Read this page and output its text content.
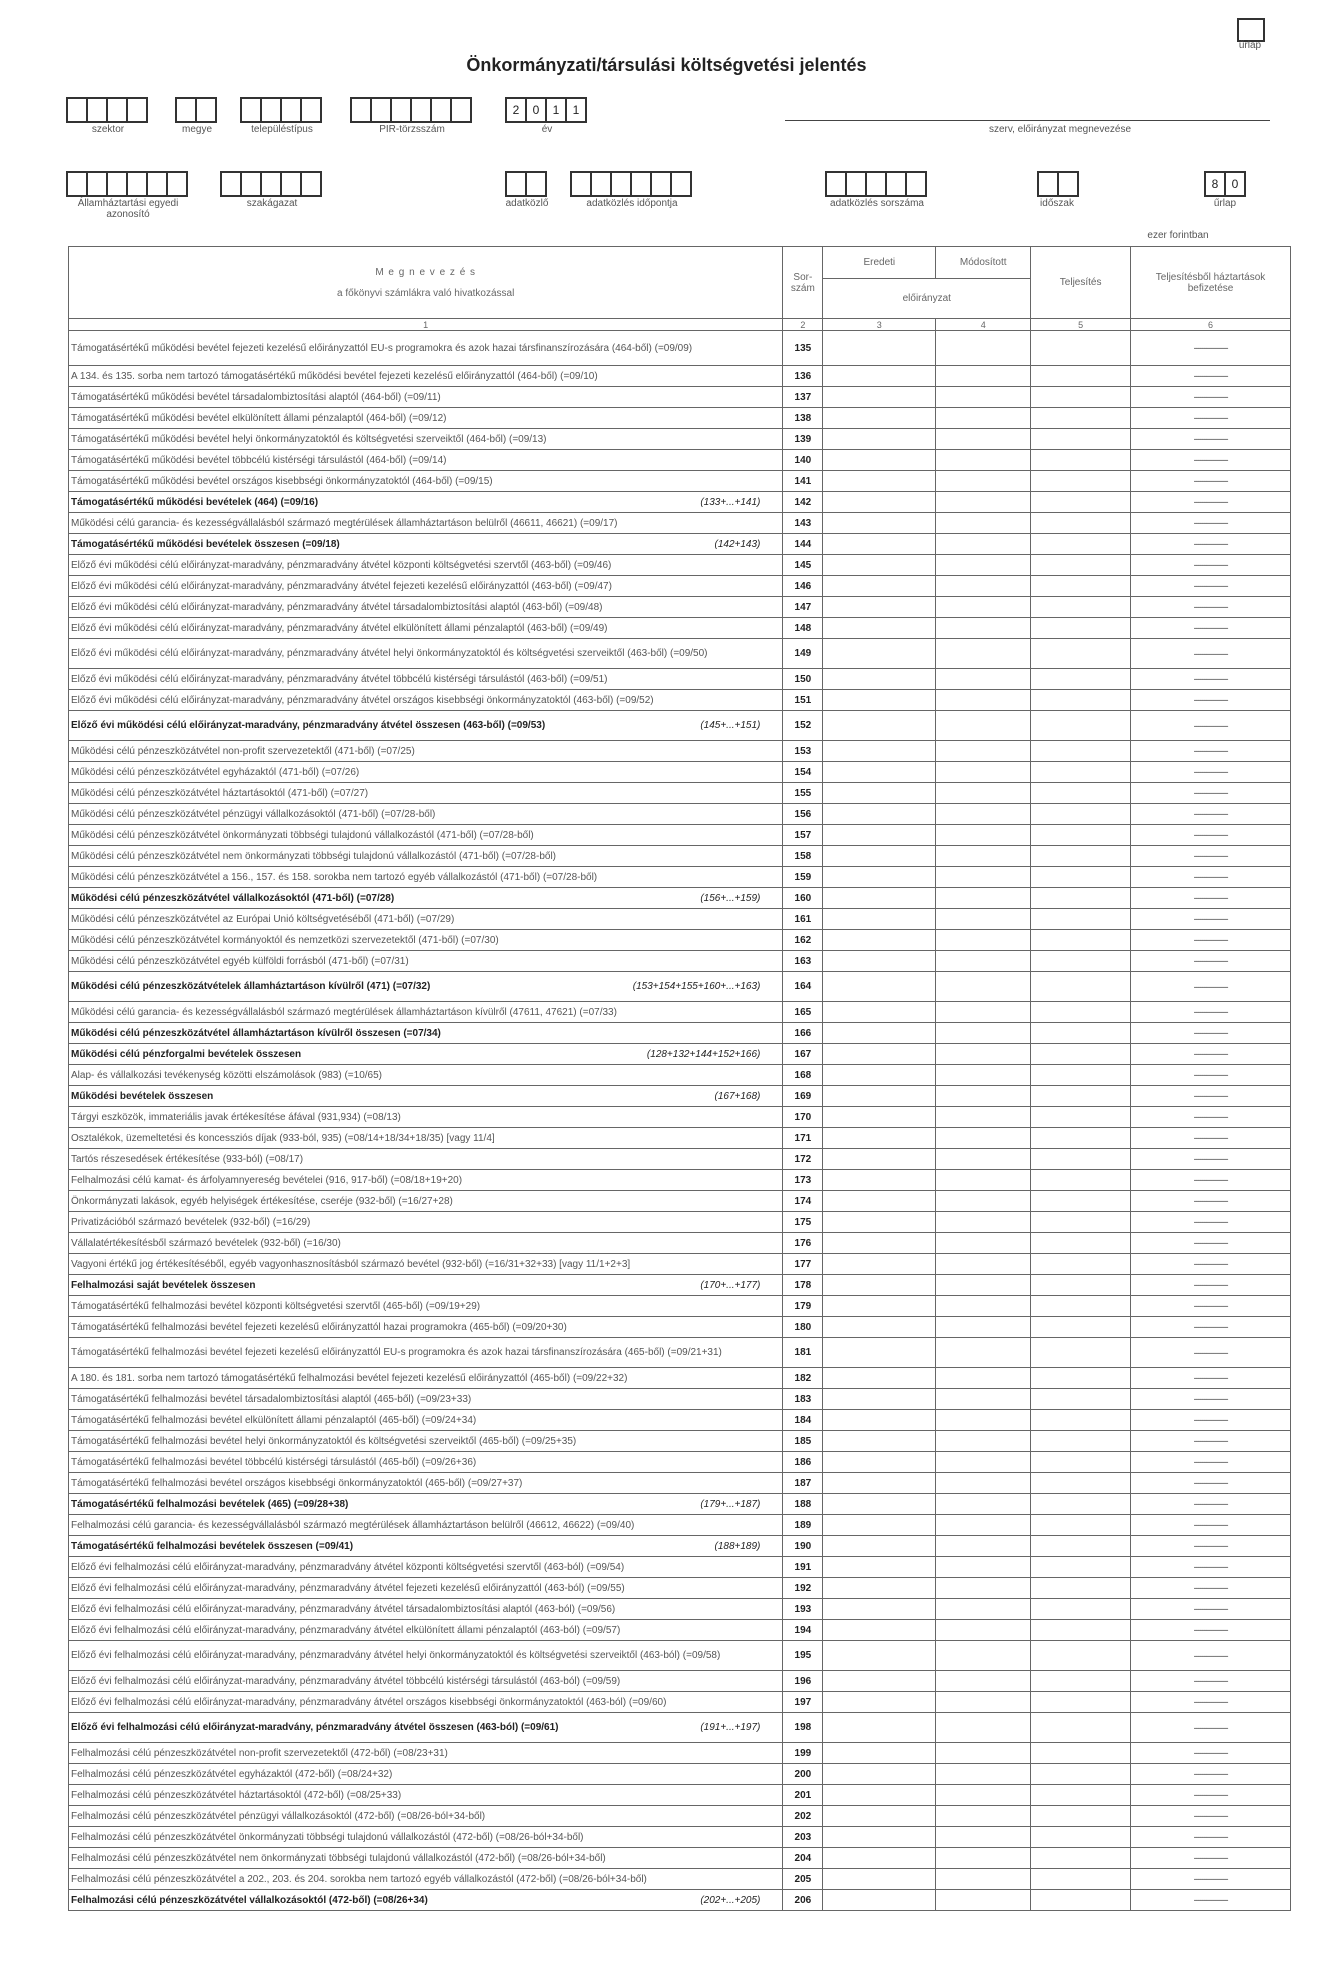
űrlap
Önkormányzati/társulási költségvetési jelentés
2	0	1	1
szektor	megye	településtípus	PIR-törzsszám	év	szerv, előirányzat megnevezése
8	0
Államháztartási egyedi azonosító
szakágazat	adatközlő	adatközlés időpontja	adatközlés sorszáma	időszak	űrlap
ezer forintban
M e g n e v e z é s
a főkönyvi számlákra való hivatkozással	Sor-szám	Eredeti	Módosított	Teljesítés	Teljesítésből háztartások befizetése
		előirányzat			
1	2	3	4	5	6

Támogatásértékű működési bevétel fejezeti kezelésű előirányzattól EU-s programokra és azok hazai társfinanszírozására (464-ből) (=09/09)	135				-----------------

A 134. és 135. sorba nem tartozó támogatásértékű működési bevétel fejezeti kezelésű előirányzattól (464-ből) (=09/10)	136				-----------------

Támogatásértékű működési bevétel társadalombiztosítási alaptól (464-ből) (=09/11)	137				-----------------

Támogatásértékű működési bevétel elkülönített állami pénzalaptól (464-ből) (=09/12)	138				-----------------

Támogatásértékű működési bevétel helyi önkormányzatoktól és költségvetési szerveiktől (464-ből) (=09/13)	139				-----------------

Támogatásértékű működési bevétel többcélú kistérségi társulástól (464-ből) (=09/14)	140				-----------------

Támogatásértékű működési bevétel országos kisebbségi önkormányzatoktól (464-ből) (=09/15)	141				-----------------

Támogatásértékű működési bevételek (464) (=09/16) (133+...+141)	142				-----------------

Működési célú garancia- és kezességvállalásból származó megtérülések államháztartáson belülről (46611, 46621) (=09/17)	143				-----------------

Támogatásértékű működési bevételek összesen (=09/18) (142+143)	144				-----------------

Előző évi működési célú előirányzat-maradvány, pénzmaradvány átvétel központi költségvetési szervtől (463-ből) (=09/46)	145				-----------------

Előző évi működési célú előirányzat-maradvány, pénzmaradvány átvétel fejezeti kezelésű előirányzattól (463-ből) (=09/47)	146				-----------------

Előző évi működési célú előirányzat-maradvány, pénzmaradvány átvétel társadalombiztosítási alaptól (463-ből) (=09/48)	147				-----------------

Előző évi működési célú előirányzat-maradvány, pénzmaradvány átvétel elkülönített állami pénzalaptól (463-ből) (=09/49)	148				-----------------

Előző évi működési célú előirányzat-maradvány, pénzmaradvány átvétel helyi önkormányzatoktól és költségvetési szerveiktől (463-ből) (=09/50)	149				-----------------

Előző évi működési célú előirányzat-maradvány, pénzmaradvány átvétel többcélú kistérségi társulástól (463-ből) (=09/51)	150				-----------------

Előző évi működési célú előirányzat-maradvány, pénzmaradvány átvétel országos kisebbségi önkormányzatoktól (463-ből) (=09/52)	151				-----------------

Előző évi működési célú előirányzat-maradvány, pénzmaradvány átvétel összesen (463-ből) (=09/53) (145+...+151)	152				-----------------

Működési célú pénzeszközátvétel non-profit szervezetektől (471-ből) (=07/25)	153				-----------------

Működési célú pénzeszközátvétel egyházaktól (471-ből) (=07/26)	154				-----------------

Működési célú pénzeszközátvétel háztartásoktól (471-ből) (=07/27)	155				-----------------

Működési célú pénzeszközátvétel pénzügyi vállalkozásoktól (471-ből) (=07/28-ből)	156				-----------------

Működési célú pénzeszközátvétel önkormányzati többségi tulajdonú vállalkozástól (471-ből) (=07/28-ből)	157				-----------------

Működési célú pénzeszközátvétel nem önkormányzati többségi tulajdonú vállalkozástól (471-ből) (=07/28-ből)	158				-----------------

Működési célú pénzeszközátvétel a 156., 157. és 158. sorokba nem tartozó egyéb vállalkozástól (471-ből) (=07/28-ből)	159				-----------------

Működési célú pénzeszközátvétel vállalkozásoktól (471-ből) (=07/28) (156+...+159)	160				-----------------

Működési célú pénzeszközátvétel az Európai Unió költségvetéséből (471-ből) (=07/29)	161				-----------------

Működési célú pénzeszközátvétel kormányoktól és nemzetközi szervezetektől (471-ből) (=07/30)	162				-----------------

Működési célú pénzeszközátvétel egyéb külföldi forrásból (471-ből) (=07/31)	163				-----------------

Működési célú pénzeszközátvételek államháztartáson kívülről (471) (=07/32) (153+154+155+160+...+163)	164				-----------------

Működési célú garancia- és kezességvállalásból származó megtérülések államháztartáson kívülről (47611, 47621) (=07/33)	165				-----------------

Működési célú pénzeszközátvétel államháztartáson kívülről összesen (=07/34)	166				-----------------

Működési célú pénzforgalmi bevételek összesen (128+132+144+152+166)	167				-----------------

Alap- és vállalkozási tevékenység közötti elszámolások (983) (=10/65)	168				-----------------

Működési bevételek összesen (167+168)	169				-----------------

Tárgyi eszközök, immateriális javak értékesítése áfával (931,934) (=08/13)	170				-----------------

Osztalékok, üzemeltetési és koncessziós díjak (933-ból, 935) (=08/14+18/34+18/35) [vagy 11/4]	171				-----------------

Tartós részesedések értékesítése (933-ból) (=08/17)	172				-----------------

Felhalmozási célú kamat- és árfolyamnyereség bevételei (916, 917-ből) (=08/18+19+20)	173				-----------------

Önkormányzati lakások, egyéb helyiségek értékesítése, cseréje (932-ből) (=16/27+28)	174				-----------------

Privatizációból származó bevételek (932-ből) (=16/29)	175				-----------------

Vállalatértékesítésből származó bevételek (932-ből) (=16/30)	176				-----------------

Vagyoni értékű jog értékesítéséből, egyéb vagyonhasznosításból származó bevétel (932-ből) (=16/31+32+33) [vagy 11/1+2+3]	177				-----------------

Felhalmozási saját bevételek összesen (170+...+177)	178				-----------------

Támogatásértékű felhalmozási bevétel központi költségvetési szervtől (465-ből) (=09/19+29)	179				-----------------

Támogatásértékű felhalmozási bevétel fejezeti kezelésű előirányzattól hazai programokra (465-ből) (=09/20+30)	180				-----------------

Támogatásértékű felhalmozási bevétel fejezeti kezelésű előirányzattól EU-s programokra és azok hazai társfinanszírozására (465-ből) (=09/21+31)	181				-----------------

A 180. és 181. sorba nem tartozó támogatásértékű felhalmozási bevétel fejezeti kezelésű előirányzattól (465-ből) (=09/22+32)	182				-----------------

Támogatásértékű felhalmozási bevétel társadalombiztosítási alaptól (465-ből) (=09/23+33)	183				-----------------

Támogatásértékű felhalmozási bevétel elkülönített állami pénzalaptól (465-ből) (=09/24+34)	184				-----------------

Támogatásértékű felhalmozási bevétel helyi önkormányzatoktól és költségvetési szerveiktől (465-ből) (=09/25+35)	185				-----------------

Támogatásértékű felhalmozási bevétel többcélú kistérségi társulástól (465-ből) (=09/26+36)	186				-----------------

Támogatásértékű felhalmozási bevétel országos kisebbségi önkormányzatoktól (465-ből) (=09/27+37)	187				-----------------

Támogatásértékű felhalmozási bevételek (465) (=09/28+38) (179+...+187)	188				-----------------

Felhalmozási célú garancia- és kezességvállalásból származó megtérülések államháztartáson belülről (46612, 46622) (=09/40)	189				-----------------

Támogatásértékű felhalmozási bevételek összesen (=09/41) (188+189)	190				-----------------

Előző évi felhalmozási célú előirányzat-maradvány, pénzmaradvány átvétel központi költségvetési szervtől (463-ból) (=09/54)	191				-----------------

Előző évi felhalmozási célú előirányzat-maradvány, pénzmaradvány átvétel fejezeti kezelésű előirányzattól (463-ból) (=09/55)	192				-----------------

Előző évi felhalmozási célú előirányzat-maradvány, pénzmaradvány átvétel társadalombiztosítási alaptól (463-ból) (=09/56)	193				-----------------

Előző évi felhalmozási célú előirányzat-maradvány, pénzmaradvány átvétel elkülönített állami pénzalaptól (463-ból) (=09/57)	194				-----------------

Előző évi felhalmozási célú előirányzat-maradvány, pénzmaradvány átvétel helyi önkormányzatoktól és költségvetési szerveiktől (463-ból) (=09/58)	195				-----------------

Előző évi felhalmozási célú előirányzat-maradvány, pénzmaradvány átvétel többcélú kistérségi társulástól (463-ból) (=09/59)	196				-----------------

Előző évi felhalmozási célú előirányzat-maradvány, pénzmaradvány átvétel országos kisebbségi önkormányzatoktól (463-ból) (=09/60)	197				-----------------

Előző évi felhalmozási célú előirányzat-maradvány, pénzmaradvány átvétel összesen (463-ból) (=09/61) (191+...+197)	198				-----------------

Felhalmozási célú pénzeszközátvétel non-profit szervezetektől (472-ből) (=08/23+31)	199				-----------------

Felhalmozási célú pénzeszközátvétel egyházaktól (472-ből) (=08/24+32)	200				-----------------

Felhalmozási célú pénzeszközátvétel háztartásoktól (472-ből) (=08/25+33)	201				-----------------

Felhalmozási célú pénzeszközátvétel pénzügyi vállalkozásoktól (472-ből) (=08/26-ból+34-ből)	202				-----------------

Felhalmozási célú pénzeszközátvétel önkormányzati többségi tulajdonú vállalkozástól (472-ből) (=08/26-ból+34-ből)	203				-----------------

Felhalmozási célú pénzeszközátvétel nem önkormányzati többségi tulajdonú vállalkozástól (472-ből) (=08/26-ból+34-ből)	204				-----------------

Felhalmozási célú pénzeszközátvétel a 202., 203. és 204. sorokba nem tartozó egyéb vállalkozástól (472-ből) (=08/26-ból+34-ből)	205				-----------------

Felhalmozási célú pénzeszközátvétel vállalkozásoktól (472-ből) (=08/26+34) (202+...+205)	206				-----------------
